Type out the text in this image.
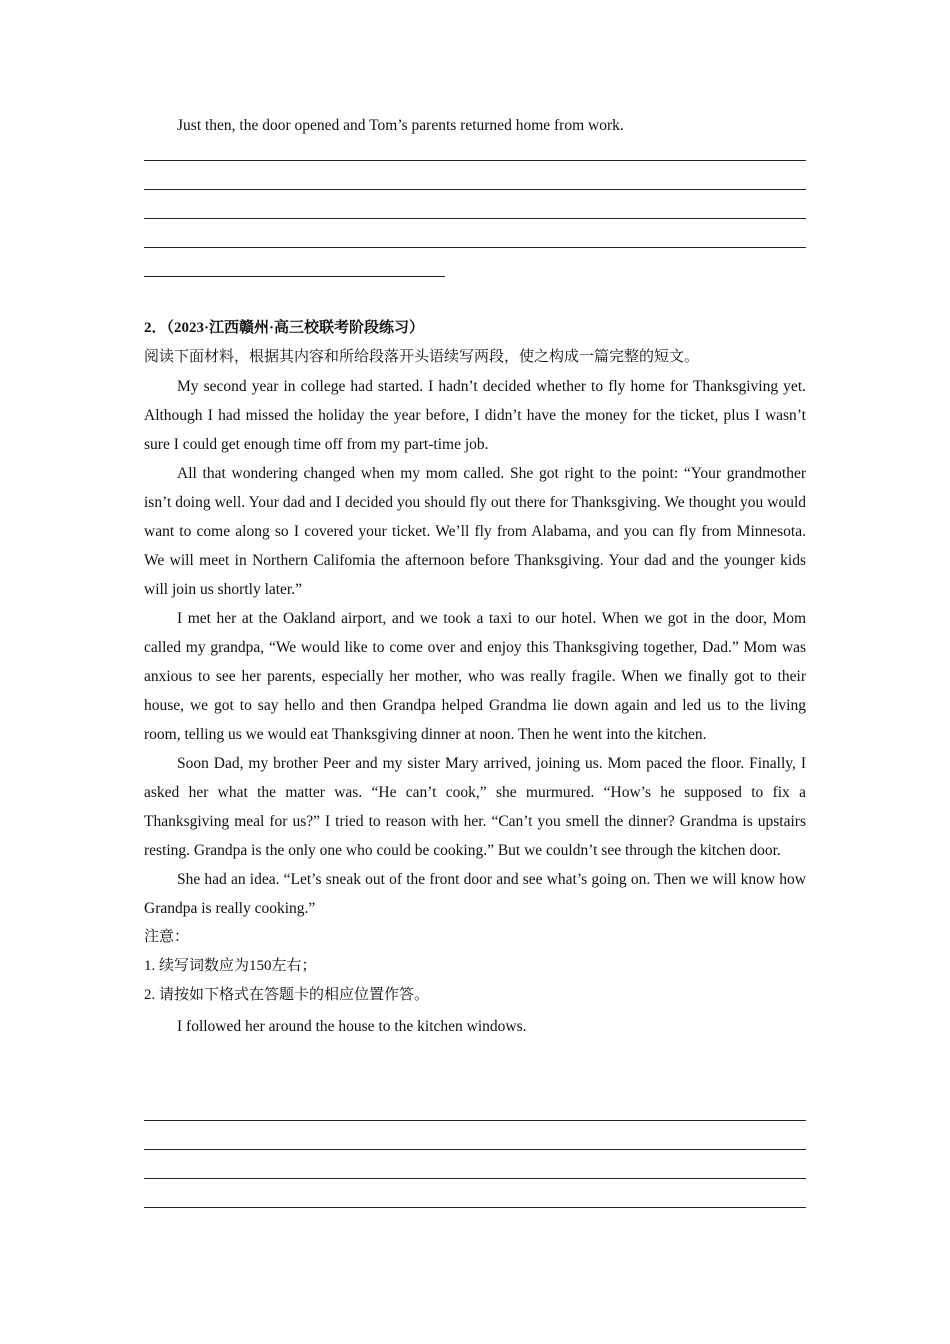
Just then, the door opened and Tom’s parents returned home from work.

2．（2023·江西赣州·高三校联考阶段练习）

阅读下面材料，根据其内容和所给段落开头语续写两段，使之构成一篇完整的短文。

My second year in college had started. I hadn’t decided whether to fly home for Thanksgiving yet. Although I had missed the holiday the year before, I didn’t have the money for the ticket, plus I wasn’t sure I could get enough time off from my part-time job.

All that wondering changed when my mom called. She got right to the point: “Your grandmother isn’t doing well. Your dad and I decided you should fly out there for Thanksgiving. We thought you would want to come along so I covered your ticket. We’ll fly from Alabama, and you can fly from Minnesota. We will meet in Northern Califomia the afternoon before Thanksgiving. Your dad and the younger kids will join us shortly later.”

I met her at the Oakland airport, and we took a taxi to our hotel. When we got in the door, Mom called my grandpa, “We would like to come over and enjoy this Thanksgiving together, Dad.” Mom was anxious to see her parents, especially her mother, who was really fragile. When we finally got to their house, we got to say hello and then Grandpa helped Grandma lie down again and led us to the living room, telling us we would eat Thanksgiving dinner at noon. Then he went into the kitchen.

Soon Dad, my brother Peer and my sister Mary arrived, joining us. Mom paced the floor. Finally, I asked her what the matter was. “He can’t cook,” she murmured. “How’s he supposed to fix a Thanksgiving meal for us?” I tried to reason with her. “Can’t you smell the dinner? Grandma is upstairs resting. Grandpa is the only one who could be cooking.” But we couldn’t see through the kitchen door.

She had an idea. “Let’s sneak out of the front door and see what’s going on. Then we will know how Grandpa is really cooking.”

注意：

1. 续写词数应为150左右；

2. 请按如下格式在答题卡的相应位置作答。

I followed her around the house to the kitchen windows.
